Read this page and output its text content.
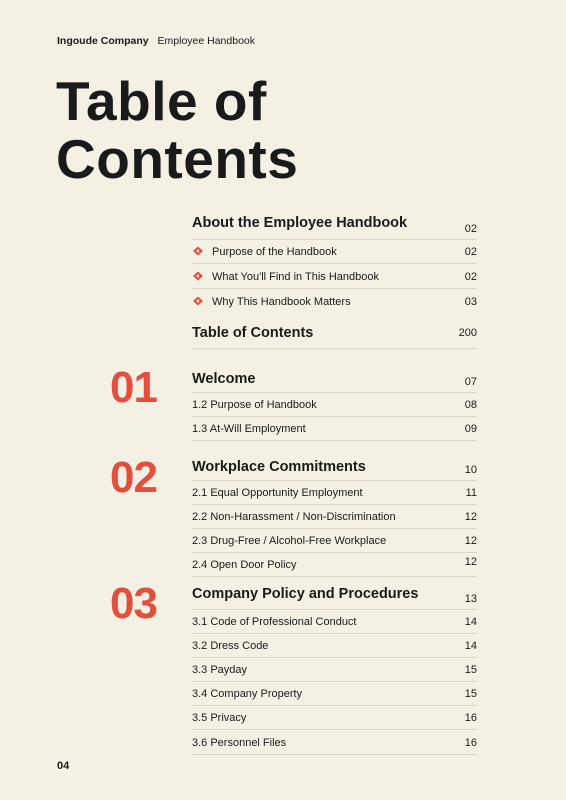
Ingoude Company Employee Handbook
Table of
Contents
About the Employee Handbook	02
Purpose of the Handbook	02
What You'll Find in This Handbook	02
Why This Handbook Matters	03
Table of Contents	200
01 Welcome	07
1.2 Purpose of Handbook	08
1.3 At-Will Employment	09
02 Workplace Commitments	10
2.1 Equal Opportunity Employment	11
2.2 Non-Harassment / Non-Discrimination	12
2.3 Drug-Free / Alcohol-Free Workplace	12
2.4 Open Door Policy	12
03 Company Policy and Procedures	13
3.1 Code of Professional Conduct	14
3.2 Dress Code	14
3.3 Payday	15
3.4 Company Property	15
3.5 Privacy	16
3.6 Personnel Files	16
04
